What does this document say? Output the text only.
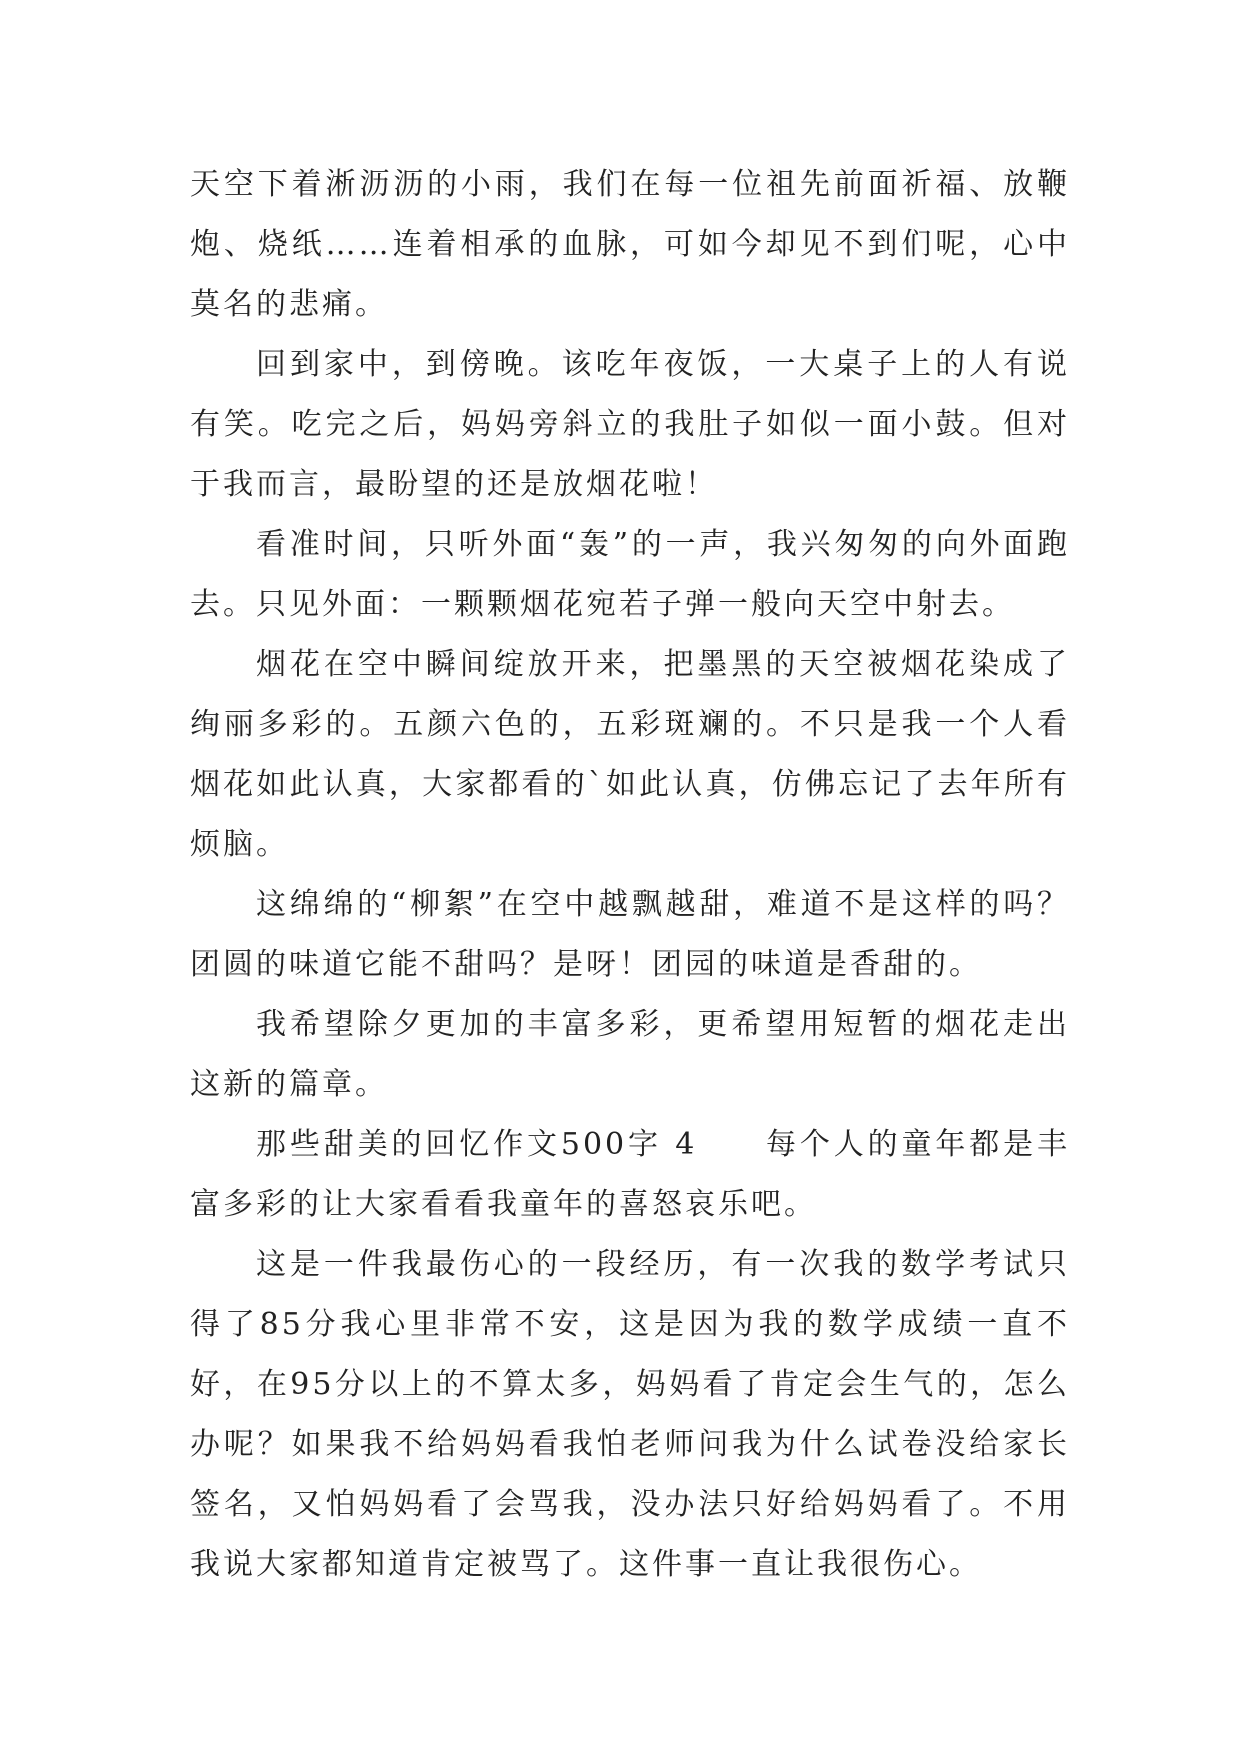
天空下着淅沥沥的小雨，我们在每一位祖先前面祈福、放鞭炮、烧纸……连着相承的血脉，可如今却见不到们呢，心中莫名的悲痛。

回到家中，到傍晚。该吃年夜饭，一大桌子上的人有说有笑。吃完之后，妈妈旁斜立的我肚子如似一面小鼓。但对于我而言，最盼望的还是放烟花啦！

看准时间，只听外面“轰”的一声，我兴匆匆的向外面跑去。只见外面：一颗颗烟花宛若子弹一般向天空中射去。

烟花在空中瞬间绽放开来，把墨黑的天空被烟花染成了绚丽多彩的。五颜六色的，五彩斑斓的。不只是我一个人看烟花如此认真，大家都看的`如此认真，仿佛忘记了去年所有烦脑。

这绵绵的“柳絮”在空中越飘越甜，难道不是这样的吗？团圆的味道它能不甜吗？是呀！团园的味道是香甜的。

我希望除夕更加的丰富多彩，更希望用短暂的烟花走出这新的篇章。

那些甜美的回忆作文500字 4　　每个人的童年都是丰富多彩的让大家看看我童年的喜怒哀乐吧。

这是一件我最伤心的一段经历，有一次我的数学考试只得了85分我心里非常不安，这是因为我的数学成绩一直不好，在95分以上的不算太多，妈妈看了肯定会生气的，怎么办呢？如果我不给妈妈看我怕老师问我为什么试卷没给家长签名，又怕妈妈看了会骂我，没办法只好给妈妈看了。不用我说大家都知道肯定被骂了。这件事一直让我很伤心。
